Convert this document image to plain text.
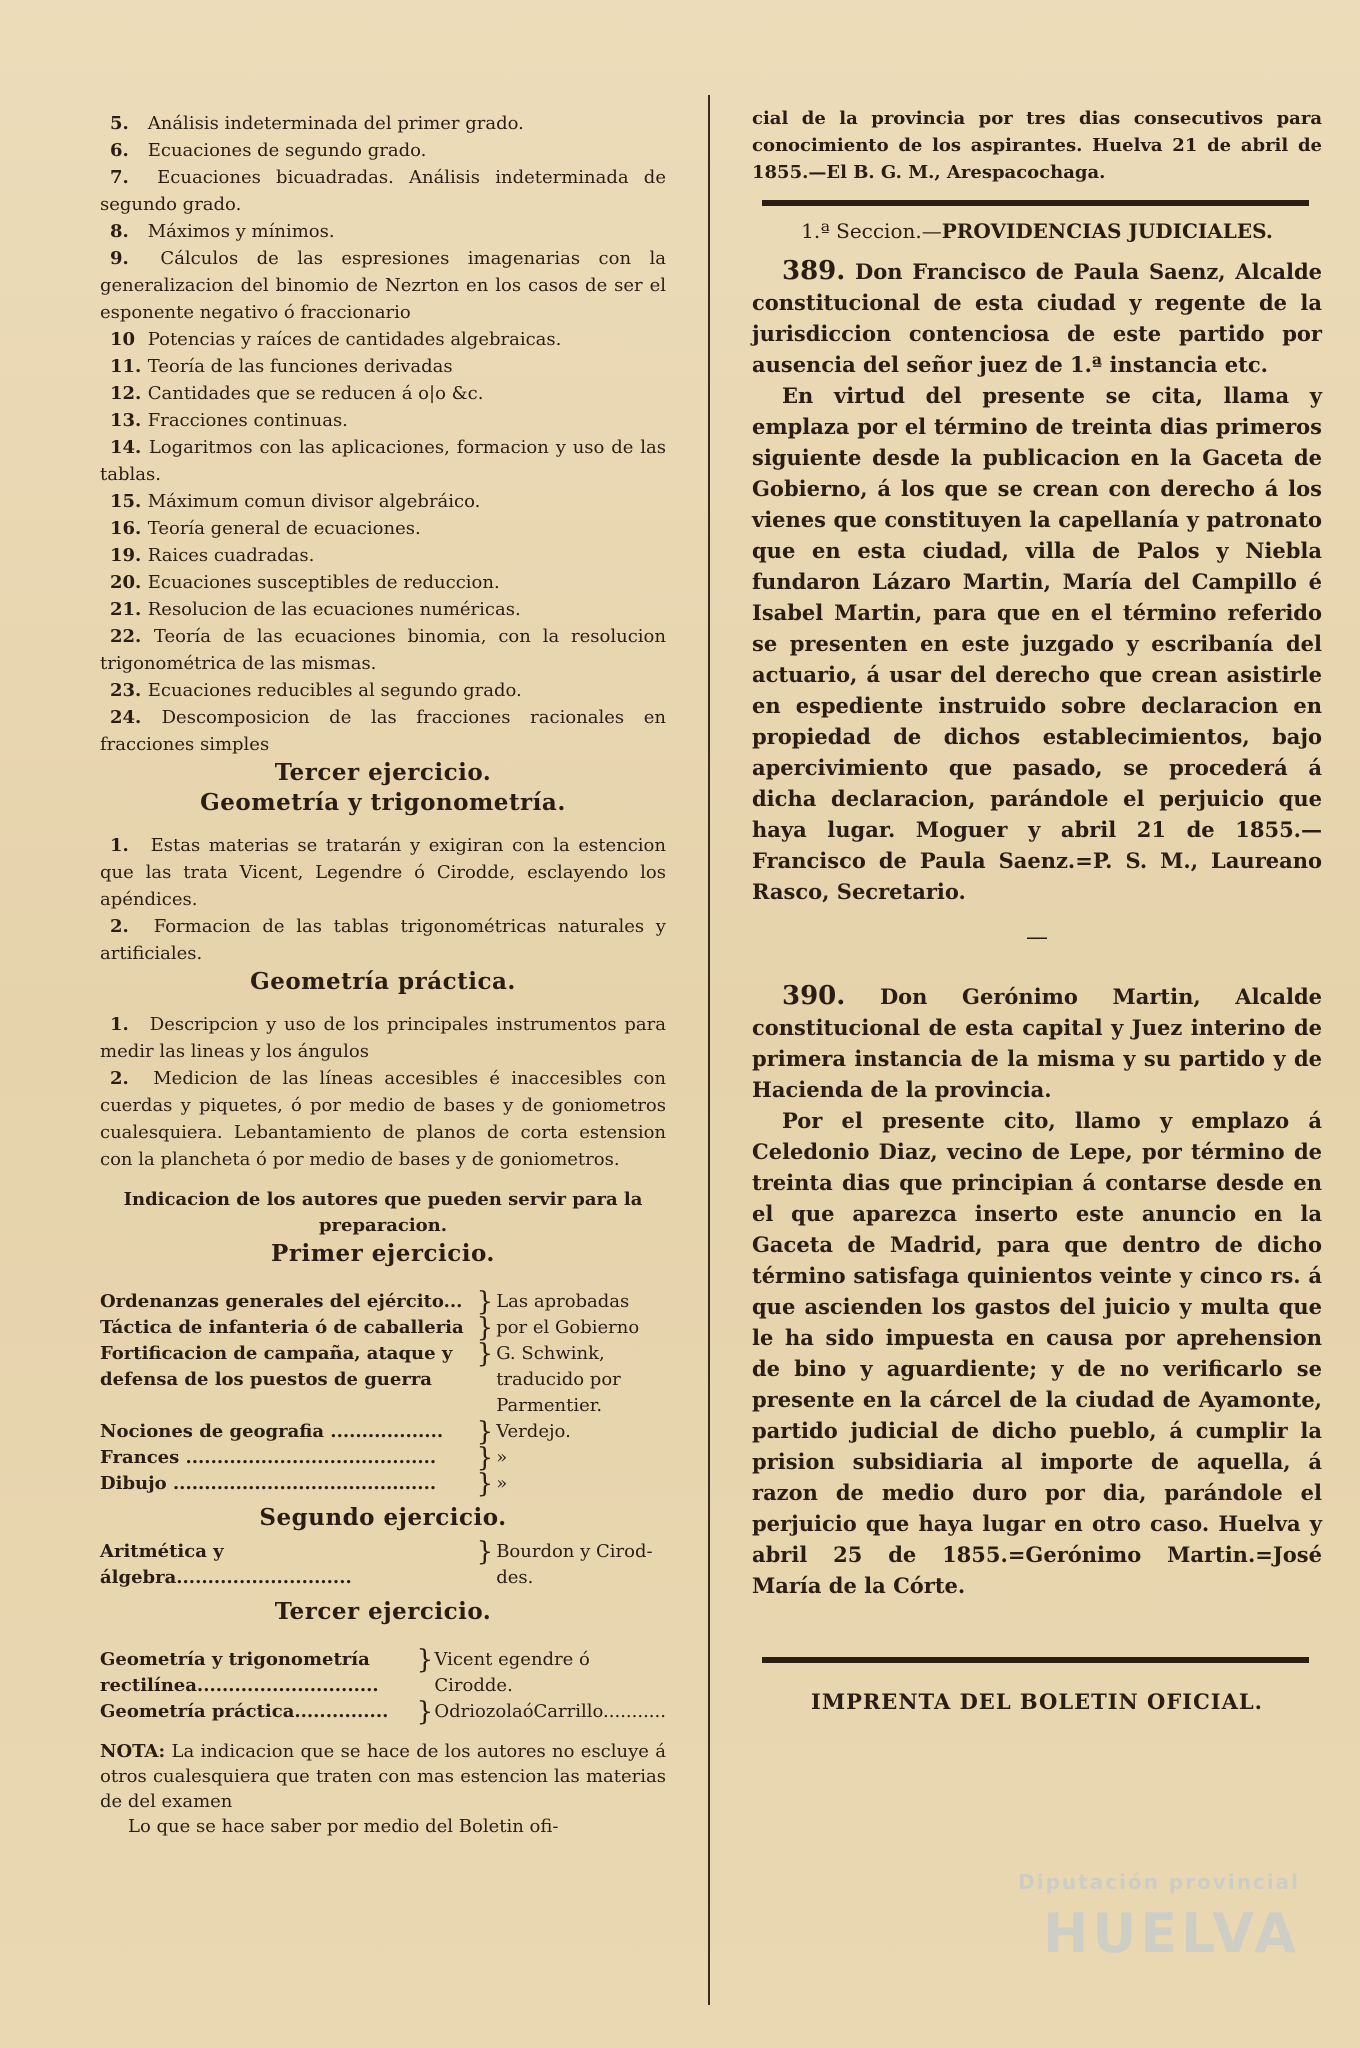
5. Análisis indeterminada del primer grado.

6. Ecuaciones de segundo grado.

7. Ecuaciones bicuadradas. Análisis indeterminada de segundo grado.

8. Máximos y mínimos.

9. Cálculos de las espresiones imagenarias con la generalizacion del binomio de Nezrton en los casos de ser el esponente negativo ó fraccionario

10 Potencias y raíces de cantidades algebraicas.

11. Teoría de las funciones derivadas

12. Cantidades que se reducen á o|o &c.

13. Fracciones continuas.

14. Logaritmos con las aplicaciones, formacion y uso de las tablas.

15. Máximum comun divisor algebráico.

16. Teoría general de ecuaciones.

19. Raices cuadradas.

20. Ecuaciones susceptibles de reduccion.

21. Resolucion de las ecuaciones numéricas.

22. Teoría de las ecuaciones binomia, con la resolucion trigonométrica de las mismas.

23. Ecuaciones reducibles al segundo grado.

24. Descomposicion de las fracciones racionales en fracciones simples

Tercer ejercicio.

Geometría y trigonometría.

1. Estas materias se tratarán y exigiran con la estencion que las trata Vicent, Legendre ó Cirodde, esclayendo los apéndices.

2. Formacion de las tablas trigonométricas naturales y artificiales.

Geometría práctica.

1. Descripcion y uso de los principales instrumentos para medir las lineas y los ángulos

2. Medicion de las líneas accesibles é inaccesibles con cuerdas y piquetes, ó por medio de bases y de goniometros cualesquiera. Lebantamiento de planos de corta estension con la plancheta ó por medio de bases y de goniometros.

Indicacion de los autores que pueden servir para la preparacion.

Primer ejercicio.

Ordenanzas generales del ejército...	}	Las aprobadas
Táctica de infanteria ó de caballeria	}	por el Gobierno
Fortificacion de campaña, ataque y defensa de los puestos de guerra	}	G. Schwink, traducido por Parmentier.
Nociones de geografia ..................	}	Verdejo.
Frances ........................................	}	»
Dibujo ..........................................	}	»

Segundo ejercicio.

Aritmética y álgebra............................	}	Bourdon y Cirod-des.

Tercer ejercicio.

Geometría y trigonometría rectilínea.............................	}	Vicent egendre ó Cirodde.
Geometría práctica...............	}	OdriozolaóCarrillo...........

NOTA: La indicacion que se hace de los autores no escluye á otros cualesquiera que traten con mas estencion las materias de del examen

Lo que se hace saber por medio del Boletin ofi-

cial de la provincia por tres dias consecutivos para conocimiento de los aspirantes. Huelva 21 de abril de 1855.—El B. G. M., Arespacochaga.

1.ª Seccion.—PROVIDENCIAS JUDICIALES.

389. Don Francisco de Paula Saenz, Alcalde constitucional de esta ciudad y regente de la jurisdiccion contenciosa de este partido por ausencia del señor juez de 1.ª instancia etc.

En virtud del presente se cita, llama y emplaza por el término de treinta dias primeros siguiente desde la publicacion en la Gaceta de Gobierno, á los que se crean con derecho á los vienes que constituyen la capellanía y patronato que en esta ciudad, villa de Palos y Niebla fundaron Lázaro Martin, María del Campillo é Isabel Martin, para que en el término referido se presenten en este juzgado y escribanía del actuario, á usar del derecho que crean asistirle en espediente instruido sobre declaracion en propiedad de dichos establecimientos, bajo apercivimiento que pasado, se procederá á dicha declaracion, parándole el perjuicio que haya lugar. Moguer y abril 21 de 1855.—Francisco de Paula Saenz.=P. S. M., Laureano Rasco, Secretario.

—

390. Don Gerónimo Martin, Alcalde constitucional de esta capital y Juez interino de primera instancia de la misma y su partido y de Hacienda de la provincia.

Por el presente cito, llamo y emplazo á Celedonio Diaz, vecino de Lepe, por término de treinta dias que principian á contarse desde en el que aparezca inserto este anuncio en la Gaceta de Madrid, para que dentro de dicho término satisfaga quinientos veinte y cinco rs. á que ascienden los gastos del juicio y multa que le ha sido impuesta en causa por aprehension de bino y aguardiente; y de no verificarlo se presente en la cárcel de la ciudad de Ayamonte, partido judicial de dicho pueblo, á cumplir la prision subsidiaria al importe de aquella, á razon de medio duro por dia, parándole el perjuicio que haya lugar en otro caso. Huelva y abril 25 de 1855.=Gerónimo Martin.=José María de la Córte.

IMPRENTA DEL BOLETIN OFICIAL.

Diputación provincial
HUELVA
